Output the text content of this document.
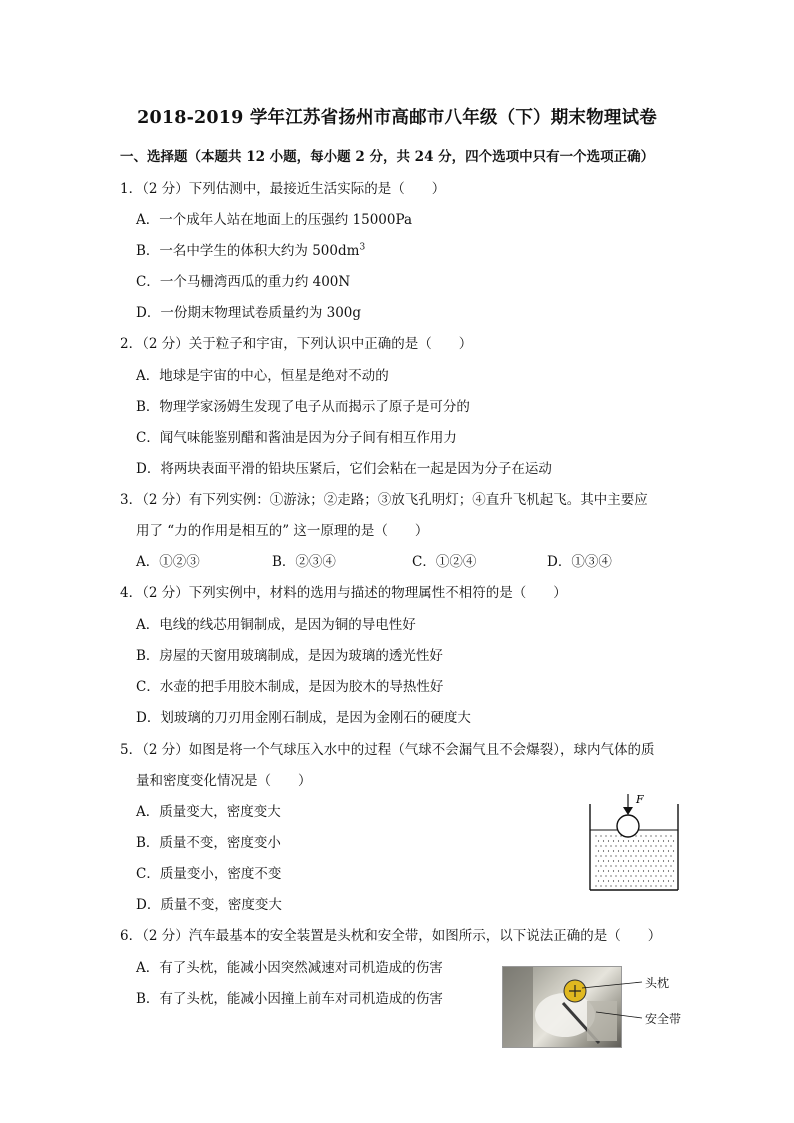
2018-2019 学年江苏省扬州市高邮市八年级（下）期末物理试卷
一、选择题（本题共 12 小题，每小题 2 分，共 24 分，四个选项中只有一个选项正确）
1．（2 分）下列估测中，最接近生活实际的是（　　）
A．一个成年人站在地面上的压强约 15000Pa
B．一名中学生的体积大约为 $500dm^3$
C．一个马栅湾西瓜的重力约 400N
D．一份期末物理试卷质量约为 300g
2．（2 分）关于粒子和宇宙，下列认识中正确的是（　　）
A．地球是宇宙的中心，恒星是绝对不动的
B．物理学家汤姆生发现了电子从而揭示了原子是可分的
C．闻气味能鉴别醋和酱油是因为分子间有相互作用力
D．将两块表面平滑的铅块压紧后，它们会粘在一起是因为分子在运动
3．（2 分）有下列实例：①游泳；②走路；③放飞孔明灯；④直升飞机起飞。其中主要应
用了 “力的作用是相互的” 这一原理的是（　　）
A．①②③	B．②③④	C．①②④	D．①③④
4．（2 分）下列实例中，材料的选用与描述的物理属性不相符的是（　　）
A．电线的线芯用铜制成，是因为铜的导电性好
B．房屋的天窗用玻璃制成，是因为玻璃的透光性好
C．水壶的把手用胶木制成，是因为胶木的导热性好
D．划玻璃的刀刃用金刚石制成，是因为金刚石的硬度大
5．（2 分）如图是将一个气球压入水中的过程（气球不会漏气且不会爆裂），球内气体的质
量和密度变化情况是（　　）
A．质量变大，密度变大
B．质量不变，密度变小
C．质量变小，密度不变
D．质量不变，密度变大
F
6．（2 分）汽车最基本的安全装置是头枕和安全带，如图所示，以下说法正确的是（　　）
A．有了头枕，能减小因突然减速对司机造成的伤害
B．有了头枕，能减小因撞上前车对司机造成的伤害
头枕
安全带
